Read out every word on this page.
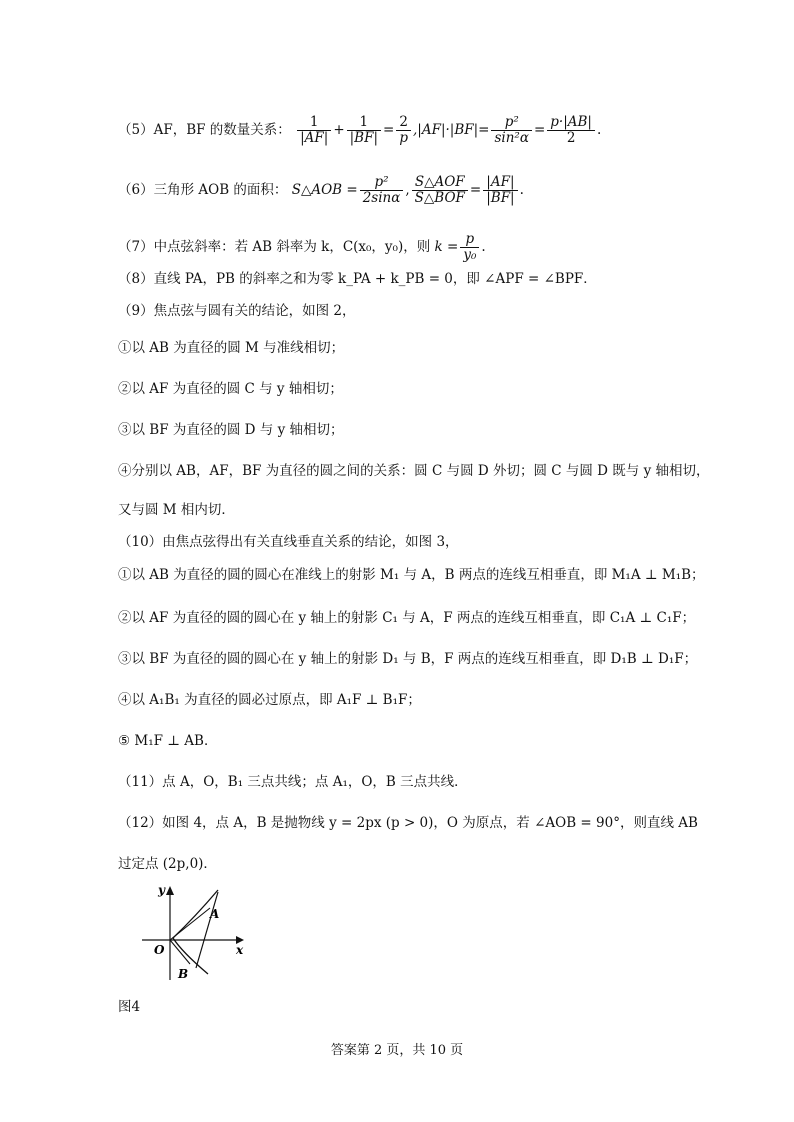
（5）AF，BF 的数量关系： $\frac{1}{|AF|} + \frac{1}{|BF|} = \frac{2}{p} ,|AF|\cdot|BF|= \frac{\text{p²}}{\text{sin²α}} = \frac{p\cdot|AB|}{2}$ .
（6）三角形 AOB 的面积： S△AOB = $\frac{\text{p²}}{2\sin\alpha}$ , $\frac{\text{S△AOF}}{\text{S△BOF}} = \frac{|AF|}{|BF|}$ .
（7）中点弦斜率：若 AB 斜率为 k，C(x₀，y₀)，则 $k = \frac{p}{\text{y₀}}$ .
（8）直线 PA，PB 的斜率之和为零 k_PA + k_PB = 0，即 ∠APF = ∠BPF．
（9）焦点弦与圆有关的结论，如图 2，
①以 AB 为直径的圆 M 与准线相切；
②以 AF 为直径的圆 C 与 y 轴相切；
③以 BF 为直径的圆 D 与 y 轴相切；
④分别以 AB，AF，BF 为直径的圆之间的关系：圆 C 与圆 D 外切；圆 C 与圆 D 既与 y 轴相切，
又与圆 M 相内切．
（10）由焦点弦得出有关直线垂直关系的结论，如图 3，
①以 AB 为直径的圆的圆心在准线上的射影 M₁ 与 A，B 两点的连线互相垂直，即 M₁A ⊥ M₁B；
②以 AF 为直径的圆的圆心在 y 轴上的射影 C₁ 与 A，F 两点的连线互相垂直，即 C₁A ⊥ C₁F；
③以 BF 为直径的圆的圆心在 y 轴上的射影 D₁ 与 B，F 两点的连线互相垂直，即 D₁B ⊥ D₁F；
④以 A₁B₁ 为直径的圆必过原点，即 A₁F ⊥ B₁F；
⑤ M₁F ⊥ AB．
（11）点 A，O，B₁ 三点共线；点 A₁，O，B 三点共线．
（12）如图 4，点 A，B 是抛物线 y = 2px (p > 0)，O 为原点，若 ∠AOB = 90°，则直线 AB
过定点 (2p,0)．
y
x
O
A
B
图4
答案第 2 页，共 10 页
